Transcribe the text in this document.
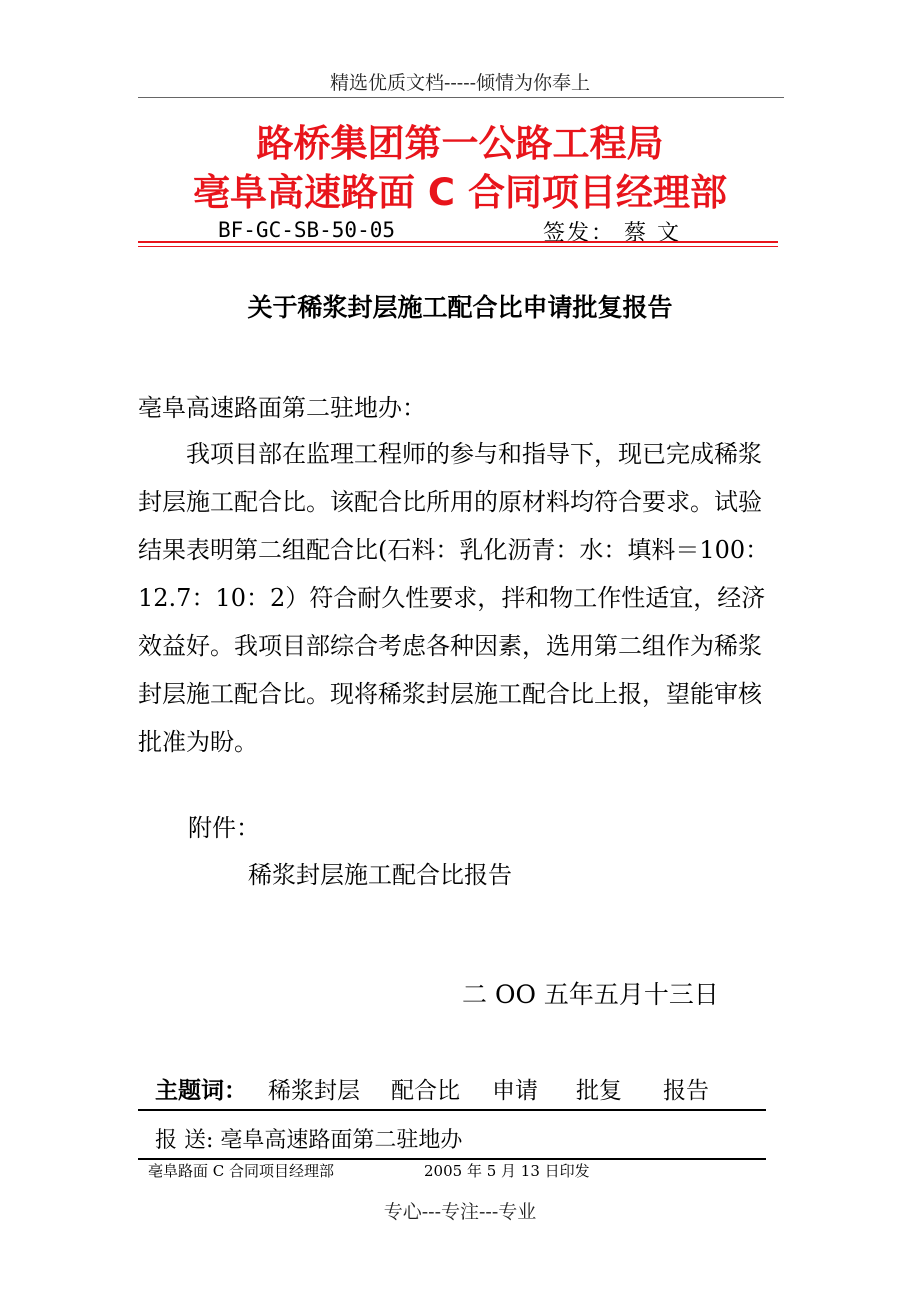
精选优质文档-----倾情为你奉上
路桥集团第一公路工程局
亳阜高速路面 C 合同项目经理部
BF-GC-SB-50-05	签发： 蔡 文
关于稀浆封层施工配合比申请批复报告
亳阜高速路面第二驻地办：
我项目部在监理工程师的参与和指导下，现已完成稀浆封层施工配合比。该配合比所用的原材料均符合要求。试验结果表明第二组配合比(石料：乳化沥青：水：填料＝100：12.7：10：2）符合耐久性要求，拌和物工作性适宜，经济效益好。我项目部综合考虑各种因素，选用第二组作为稀浆封层施工配合比。现将稀浆封层施工配合比上报，望能审核批准为盼。
附件：
稀浆封层施工配合比报告
二 OO 五年五月十三日
主题词： 稀浆封层 配合比 申请 批复 报告
报 送: 亳阜高速路面第二驻地办
亳阜路面 C 合同项目经理部	2005 年 5 月 13 日印发
专心---专注---专业
